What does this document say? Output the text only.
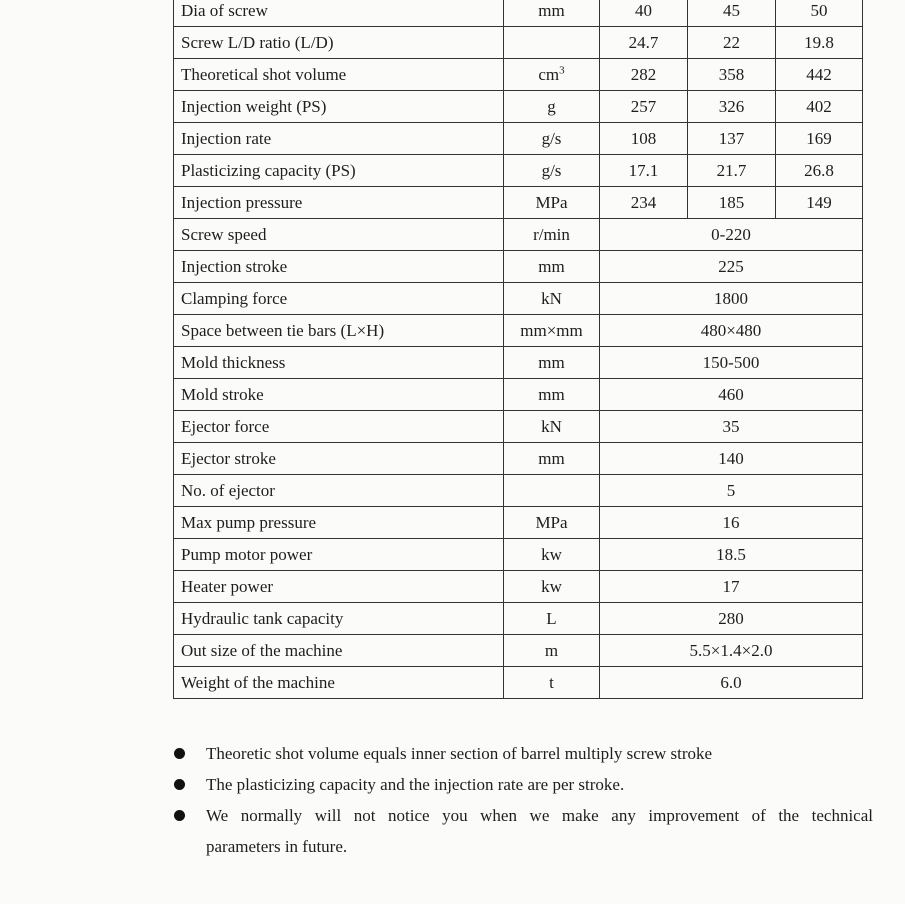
Dia of screw	mm	40	45	50
Screw L/D ratio (L/D)		24.7	22	19.8
Theoretical shot volume	$cm^3$	282	358	442
Injection weight (PS)	g	257	326	402
Injection rate	g/s	108	137	169
Plasticizing capacity (PS)	g/s	17.1	21.7	26.8
Injection pressure	MPa	234	185	149
Screw speed	r/min	0-220		
Injection stroke	mm	225		
Clamping force	kN	1800		
Space between tie bars (L×H)	mm×mm	480×480		
Mold thickness	mm	150-500		
Mold stroke	mm	460		
Ejector force	kN	35		
Ejector stroke	mm	140		
No. of ejector		5		
Max pump pressure	MPa	16		
Pump motor power	kw	18.5		
Heater power	kw	17		
Hydraulic tank capacity	L	280		
Out size of the machine	m	5.5×1.4×2.0		
Weight of the machine	t	6.0		
Theoretic shot volume equals inner section of barrel multiply screw stroke
The plasticizing capacity and the injection rate are per stroke.
We normally will not notice you when we make any improvement of the technical
parameters in future.
